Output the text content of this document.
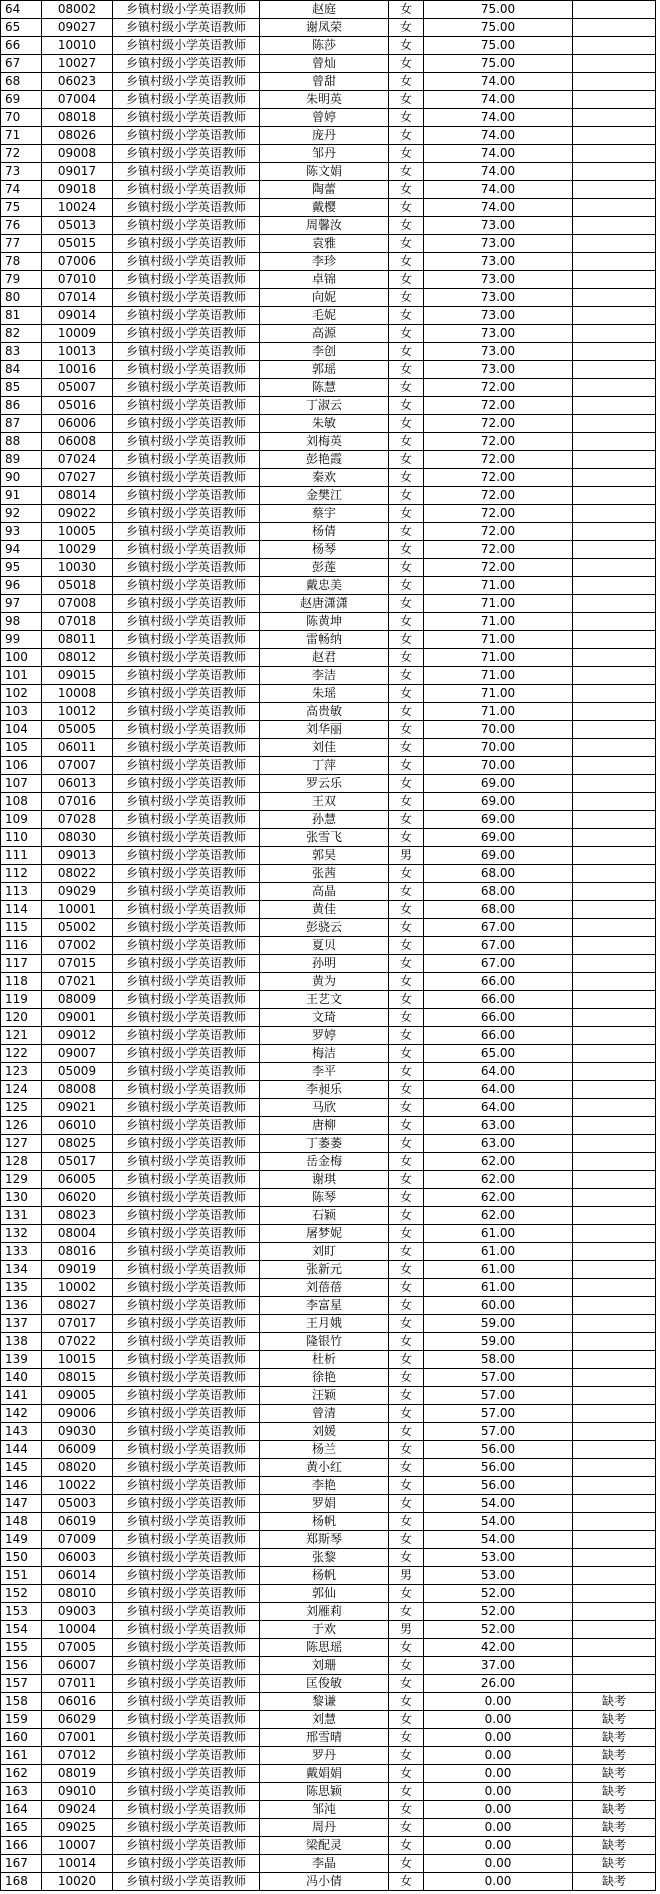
64	08002	乡镇村级小学英语教师	赵庭	女	75.00	
65	09027	乡镇村级小学英语教师	谢凤荣	女	75.00	
66	10010	乡镇村级小学英语教师	陈莎	女	75.00	
67	10027	乡镇村级小学英语教师	曾灿	女	75.00	
68	06023	乡镇村级小学英语教师	曾甜	女	74.00	
69	07004	乡镇村级小学英语教师	朱明英	女	74.00	
70	08018	乡镇村级小学英语教师	曾婷	女	74.00	
71	08026	乡镇村级小学英语教师	庞丹	女	74.00	
72	09008	乡镇村级小学英语教师	邹丹	女	74.00	
73	09017	乡镇村级小学英语教师	陈文娟	女	74.00	
74	09018	乡镇村级小学英语教师	陶蕾	女	74.00	
75	10024	乡镇村级小学英语教师	戴樱	女	74.00	
76	05013	乡镇村级小学英语教师	周馨汝	女	73.00	
77	05015	乡镇村级小学英语教师	袁雅	女	73.00	
78	07006	乡镇村级小学英语教师	李珍	女	73.00	
79	07010	乡镇村级小学英语教师	卓锦	女	73.00	
80	07014	乡镇村级小学英语教师	向妮	女	73.00	
81	09014	乡镇村级小学英语教师	毛妮	女	73.00	
82	10009	乡镇村级小学英语教师	高源	女	73.00	
83	10013	乡镇村级小学英语教师	李创	女	73.00	
84	10016	乡镇村级小学英语教师	郭瑶	女	73.00	
85	05007	乡镇村级小学英语教师	陈慧	女	72.00	
86	05016	乡镇村级小学英语教师	丁淑云	女	72.00	
87	06006	乡镇村级小学英语教师	朱敏	女	72.00	
88	06008	乡镇村级小学英语教师	刘梅英	女	72.00	
89	07024	乡镇村级小学英语教师	彭艳霞	女	72.00	
90	07027	乡镇村级小学英语教师	秦欢	女	72.00	
91	08014	乡镇村级小学英语教师	金樊江	女	72.00	
92	09022	乡镇村级小学英语教师	蔡宇	女	72.00	
93	10005	乡镇村级小学英语教师	杨倩	女	72.00	
94	10029	乡镇村级小学英语教师	杨琴	女	72.00	
95	10030	乡镇村级小学英语教师	彭莲	女	72.00	
96	05018	乡镇村级小学英语教师	戴忠美	女	71.00	
97	07008	乡镇村级小学英语教师	赵唐潇潇	女	71.00	
98	07018	乡镇村级小学英语教师	陈黄坤	女	71.00	
99	08011	乡镇村级小学英语教师	雷畅纳	女	71.00	
100	08012	乡镇村级小学英语教师	赵君	女	71.00	
101	09015	乡镇村级小学英语教师	李洁	女	71.00	
102	10008	乡镇村级小学英语教师	朱瑶	女	71.00	
103	10012	乡镇村级小学英语教师	高贵敏	女	71.00	
104	05005	乡镇村级小学英语教师	刘华丽	女	70.00	
105	06011	乡镇村级小学英语教师	刘佳	女	70.00	
106	07007	乡镇村级小学英语教师	丁萍	女	70.00	
107	06013	乡镇村级小学英语教师	罗云乐	女	69.00	
108	07016	乡镇村级小学英语教师	王双	女	69.00	
109	07028	乡镇村级小学英语教师	孙慧	女	69.00	
110	08030	乡镇村级小学英语教师	张雪飞	女	69.00	
111	09013	乡镇村级小学英语教师	郭昊	男	69.00	
112	08022	乡镇村级小学英语教师	张茜	女	68.00	
113	09029	乡镇村级小学英语教师	高晶	女	68.00	
114	10001	乡镇村级小学英语教师	黄佳	女	68.00	
115	05002	乡镇村级小学英语教师	彭骁云	女	67.00	
116	07002	乡镇村级小学英语教师	夏贝	女	67.00	
117	07015	乡镇村级小学英语教师	孙明	女	67.00	
118	07021	乡镇村级小学英语教师	黄为	女	66.00	
119	08009	乡镇村级小学英语教师	王艺文	女	66.00	
120	09001	乡镇村级小学英语教师	文琦	女	66.00	
121	09012	乡镇村级小学英语教师	罗婷	女	66.00	
122	09007	乡镇村级小学英语教师	梅洁	女	65.00	
123	05009	乡镇村级小学英语教师	李平	女	64.00	
124	08008	乡镇村级小学英语教师	李昶乐	女	64.00	
125	09021	乡镇村级小学英语教师	马欣	女	64.00	
126	06010	乡镇村级小学英语教师	唐柳	女	63.00	
127	08025	乡镇村级小学英语教师	丁萎萎	女	63.00	
128	05017	乡镇村级小学英语教师	岳金梅	女	62.00	
129	06005	乡镇村级小学英语教师	谢琪	女	62.00	
130	06020	乡镇村级小学英语教师	陈琴	女	62.00	
131	08023	乡镇村级小学英语教师	石颖	女	62.00	
132	08004	乡镇村级小学英语教师	屠梦妮	女	61.00	
133	08016	乡镇村级小学英语教师	刘盯	女	61.00	
134	09019	乡镇村级小学英语教师	张新元	女	61.00	
135	10002	乡镇村级小学英语教师	刘蓓蓓	女	61.00	
136	08027	乡镇村级小学英语教师	李富星	女	60.00	
137	07017	乡镇村级小学英语教师	王月娥	女	59.00	
138	07022	乡镇村级小学英语教师	隆银竹	女	59.00	
139	10015	乡镇村级小学英语教师	杜析	女	58.00	
140	08015	乡镇村级小学英语教师	徐艳	女	57.00	
141	09005	乡镇村级小学英语教师	汪颖	女	57.00	
142	09006	乡镇村级小学英语教师	曾清	女	57.00	
143	09030	乡镇村级小学英语教师	刘媛	女	57.00	
144	06009	乡镇村级小学英语教师	杨兰	女	56.00	
145	08020	乡镇村级小学英语教师	黄小红	女	56.00	
146	10022	乡镇村级小学英语教师	李艳	女	56.00	
147	05003	乡镇村级小学英语教师	罗娟	女	54.00	
148	06019	乡镇村级小学英语教师	杨帆	女	54.00	
149	07009	乡镇村级小学英语教师	郑斯琴	女	54.00	
150	06003	乡镇村级小学英语教师	张黎	女	53.00	
151	06014	乡镇村级小学英语教师	杨帆	男	53.00	
152	08010	乡镇村级小学英语教师	郭仙	女	52.00	
153	09003	乡镇村级小学英语教师	刘雁莉	女	52.00	
154	10004	乡镇村级小学英语教师	于欢	男	52.00	
155	07005	乡镇村级小学英语教师	陈思瑶	女	42.00	
156	06007	乡镇村级小学英语教师	刘珊	女	37.00	
157	07011	乡镇村级小学英语教师	匡俊敏	女	26.00	
158	06016	乡镇村级小学英语教师	黎谦	女	0.00	缺考
159	06029	乡镇村级小学英语教师	刘慧	女	0.00	缺考
160	07001	乡镇村级小学英语教师	邢雪晴	女	0.00	缺考
161	07012	乡镇村级小学英语教师	罗丹	女	0.00	缺考
162	08019	乡镇村级小学英语教师	戴娟娟	女	0.00	缺考
163	09010	乡镇村级小学英语教师	陈思颖	女	0.00	缺考
164	09024	乡镇村级小学英语教师	邹沌	女	0.00	缺考
165	09025	乡镇村级小学英语教师	周丹	女	0.00	缺考
166	10007	乡镇村级小学英语教师	梁配灵	女	0.00	缺考
167	10014	乡镇村级小学英语教师	李晶	女	0.00	缺考
168	10020	乡镇村级小学英语教师	冯小倩	女	0.00	缺考
